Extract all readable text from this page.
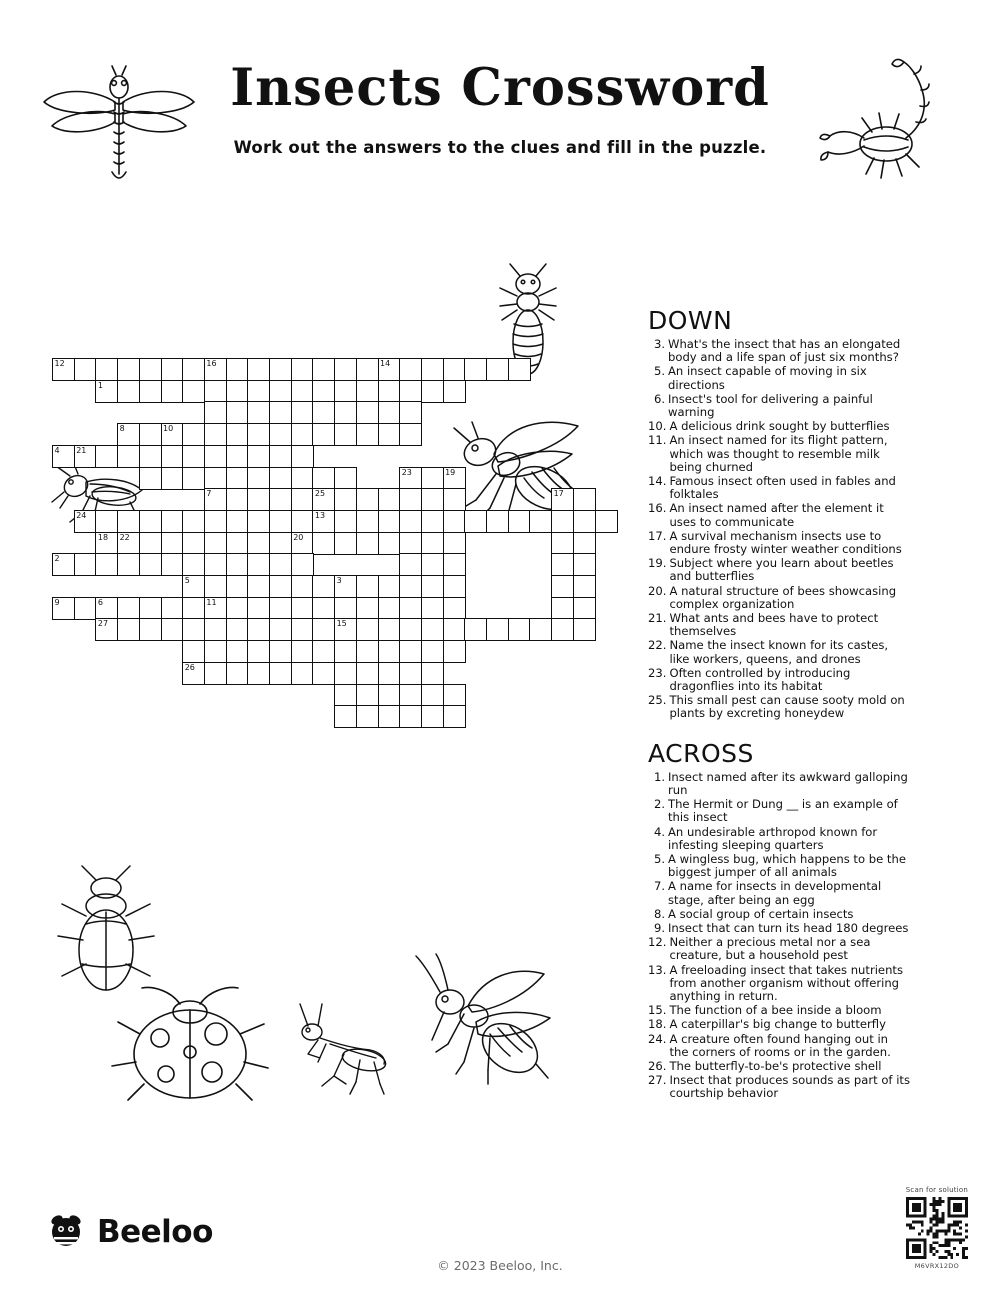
Insects Crossword
Work out the answers to the clues and fill in the puzzle.
12	16	14
1
8	10
4 21
23	19
7	25	17
24	13
18 22	20
2
5	3
9	6	11
27	15
26
DOWN
3. What's the insect that has an elongated body and a life span of just six months?
5. An insect capable of moving in six directions
6. Insect's tool for delivering a painful warning
10. A delicious drink sought by butterflies
11. An insect named for its flight pattern, which was thought to resemble milk being churned
14. Famous insect often used in fables and folktales
16. An insect named after the element it uses to communicate
17. A survival mechanism insects use to endure frosty winter weather conditions
19. Subject where you learn about beetles and butterflies
20. A natural structure of bees showcasing complex organization
21. What ants and bees have to protect themselves
22. Name the insect known for its castes, like workers, queens, and drones
23. Often controlled by introducing dragonflies into its habitat
25. This small pest can cause sooty mold on plants by excreting honeydew
ACROSS
1. Insect named after its awkward galloping run
2. The Hermit or Dung __ is an example of this insect
4. An undesirable arthropod known for infesting sleeping quarters
5. A wingless bug, which happens to be the biggest jumper of all animals
7. A name for insects in developmental stage, after being an egg
8. A social group of certain insects
9. Insect that can turn its head 180 degrees
12. Neither a precious metal nor a sea creature, but a household pest
13. A freeloading insect that takes nutrients from another organism without offering anything in return.
15. The function of a bee inside a bloom
18. A caterpillar's big change to butterfly
24. A creature often found hanging out in the corners of rooms or in the garden.
26. The butterfly-to-be's protective shell
27. Insect that produces sounds as part of its courtship behavior
Beeloo
© 2023 Beeloo, Inc.
Scan for solution
M6VRX12DO
